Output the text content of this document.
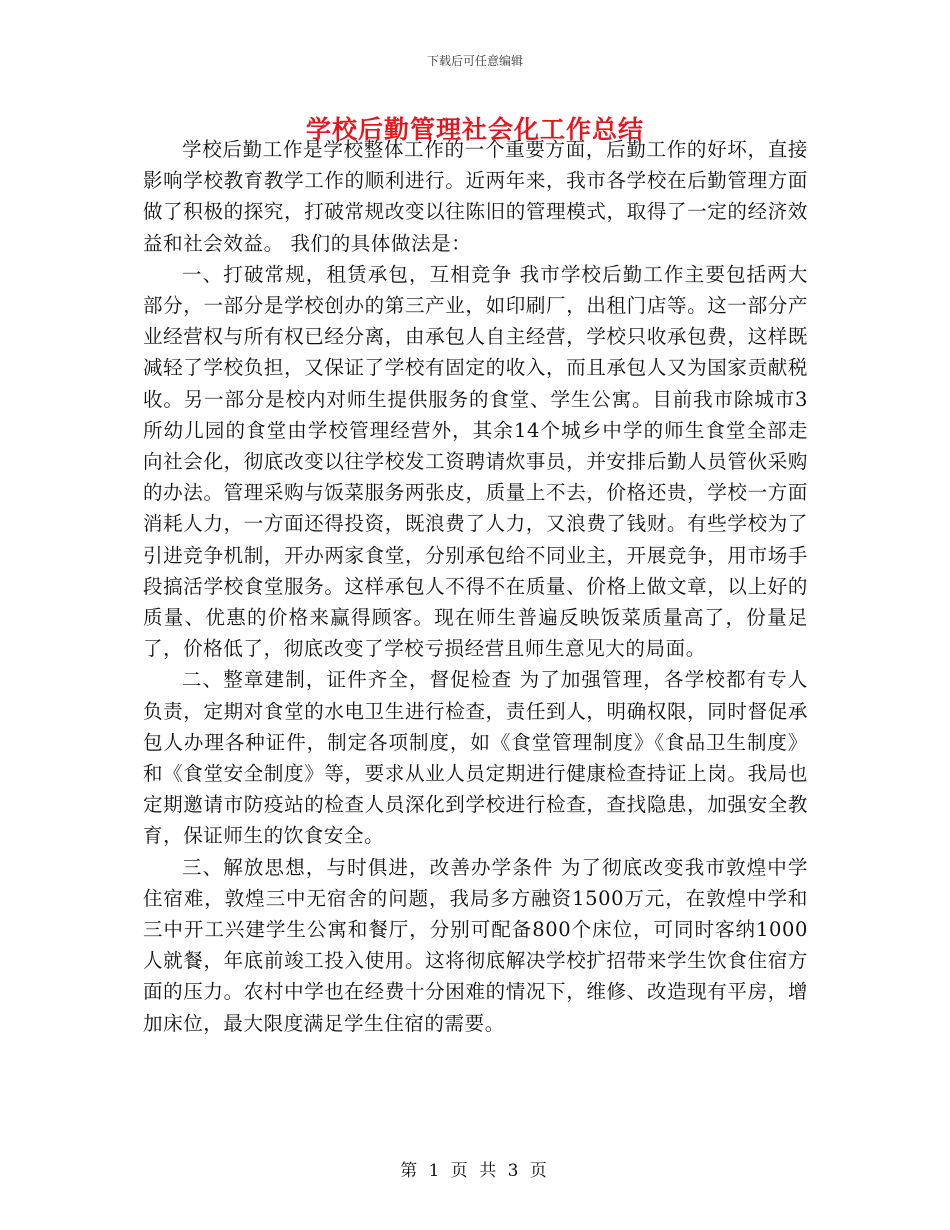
下载后可任意编辑
学校后勤管理社会化工作总结

学校后勤工作是学校整体工作的一个重要方面，后勤工作的好坏，直接影响学校教育教学工作的顺利进行。近两年来，我市各学校在后勤管理方面做了积极的探究，打破常规改变以往陈旧的管理模式，取得了一定的经济效益和社会效益。 我们的具体做法是：

一、打破常规，租赁承包，互相竞争 我市学校后勤工作主要包括两大部分，一部分是学校创办的第三产业，如印刷厂，出租门店等。这一部分产业经营权与所有权已经分离，由承包人自主经营，学校只收承包费，这样既减轻了学校负担，又保证了学校有固定的收入，而且承包人又为国家贡献税收。另一部分是校内对师生提供服务的食堂、学生公寓。目前我市除城市3所幼儿园的食堂由学校管理经营外，其余14个城乡中学的师生食堂全部走向社会化，彻底改变以往学校发工资聘请炊事员，并安排后勤人员管伙采购的办法。管理采购与饭菜服务两张皮，质量上不去，价格还贵，学校一方面消耗人力，一方面还得投资，既浪费了人力，又浪费了钱财。有些学校为了引进竞争机制，开办两家食堂，分别承包给不同业主，开展竞争，用市场手段搞活学校食堂服务。这样承包人不得不在质量、价格上做文章，以上好的质量、优惠的价格来赢得顾客。现在师生普遍反映饭菜质量高了，份量足了，价格低了，彻底改变了学校亏损经营且师生意见大的局面。

二、整章建制，证件齐全，督促检查 为了加强管理，各学校都有专人负责，定期对食堂的水电卫生进行检查，责任到人，明确权限，同时督促承包人办理各种证件，制定各项制度，如《食堂管理制度》《食品卫生制度》和《食堂安全制度》等，要求从业人员定期进行健康检查持证上岗。我局也定期邀请市防疫站的检查人员深化到学校进行检查，查找隐患，加强安全教育，保证师生的饮食安全。

三、解放思想，与时俱进，改善办学条件 为了彻底改变我市敦煌中学住宿难，敦煌三中无宿舍的问题，我局多方融资1500万元，在敦煌中学和三中开工兴建学生公寓和餐厅，分别可配备800个床位，可同时客纳1000人就餐，年底前竣工投入使用。这将彻底解决学校扩招带来学生饮食住宿方面的压力。农村中学也在经费十分困难的情况下，维修、改造现有平房，增加床位，最大限度满足学生住宿的需要。

第 1 页 共 3 页
